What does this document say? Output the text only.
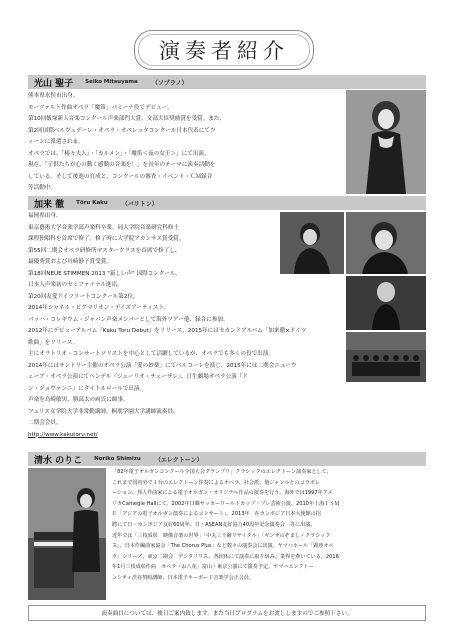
演奏者紹介
光山 聖子 Seiko Mitsuyama （ソプラノ）

熊本県水俣市出身。

モーツァルト作曲オペラ「魔笛」パミーナ役でデビュー。

第10回飯塚新人音楽コンクール声楽部門大賞、文部大臣奨励賞を受賞。また、

第2回国際ベルヴェデーレ・オペラ・オペレッタコンクール日本代表にてウ

ィーンに派遣される。

オペラでは、「椿々夫人」・「カルメン」・「魔笛＜夜の女王＞」にて出演。

現在、「子供たちが心の動く感動の音楽を！」を長年のテーマに演奏活動を

している。そして後進の育成と、コンクールの審査・イベント・ＣＭ録音

等活動中。

加来 徹 Tōru Kaku （バリトン）

福岡県出身。

東京藝術大学音楽学部声楽科卒業。同大学院音楽研究科修士

課程独唱科を首席で修了。修了時に大学院アカンサス賞受賞。

第55回二期会オペラ研修所マスタークラスを首席で修了し、

最優秀賞および川崎静子賞受賞。

第18回NEUE STIMMEN 2013 "新しい声" 国際コンクール、

日本人声楽初のセミファイナル進出。

第20回友愛ドイツリートコンクール第2位。

2014年シャネル・ピグマリオン・デイズアーティスト。

バッハ・コレギウム・ジャパン声楽メンバーとして海外ツアー他、録音に参加。

2012年にデビューアルバム『Kaku Toru Debut』をリリース。2015年にはセカンドアルバム「加来徹×ドイツ

歌曲」をリリース。

主にオラトリオ・コンサートソリストを中心として活躍しているが、オペラでも多くの役で出演。

2014年にはサントリー主催のオペラ公演「愛の妙薬」にてベルコーレを演じ、2015年には二期会ニューウ

ェーブ・オペラ公演にてヘンデル『ジューリオ・チェーザレ』、日生劇場オペラ公演『ド

ン・ジョヴァンニ』にタイトルロールで出演。

声楽を鳥崎敏男、勝部太の両氏に師事。

フェリス女学院大学非常勤講師。桐朋学園大学講師演奏員。

二期会会員。

http://www.kakutoru.net/

清水 のりこ Noriko Shimizu （エレクトーン）

「82年電子オルガンコンクール全国大会グランプリ」クラシックのエレクトーン演奏家として、

これまで国内外で１台のエレクトーン伴奏によるオペラ、社会派、他ジャンルとのコラボレ

ーション、邦人作曲家による電子オルガン・オリジナル作品の演奏を行う。海外では1997年アメ

リカCarnegie Hallにて、2002年日韓サッカーワールドカップ・プレ芸術公演、2010年上海ＩＳＭ

Ｅ「アジアの電子オルガン演奏によるコンサート」、2013年　在カンボジア日本大使館の招

聘にて日・カンボジア友好60周年、日・ASEAN友好協力40周年記念演奏会　等に出演。

近年では「三枝成彰　映像音楽の世界」「中丸三千繪リサイタル」「ギンザのぞまし・クラシック

ス」、日本作編曲家協会「The Chorus Plus」など数々の演奏会に出演。ヤマハホール「顕座オペ

ラ」シリーズ、東京二期会　デジタリリス、各団体にて演奏に取り組み、業界を牽いている。2016

年1月三枝成彰作曲　オペラ「お八花」富山・東京公演にて演奏予定。ヤマハエレクトー

ンシティ渋谷契約講師、日本電子キーボード音楽学会正会員。

演奏曲目については、後日ご案内致します。また当日プログラムをお渡ししますのでご参照下さい。
